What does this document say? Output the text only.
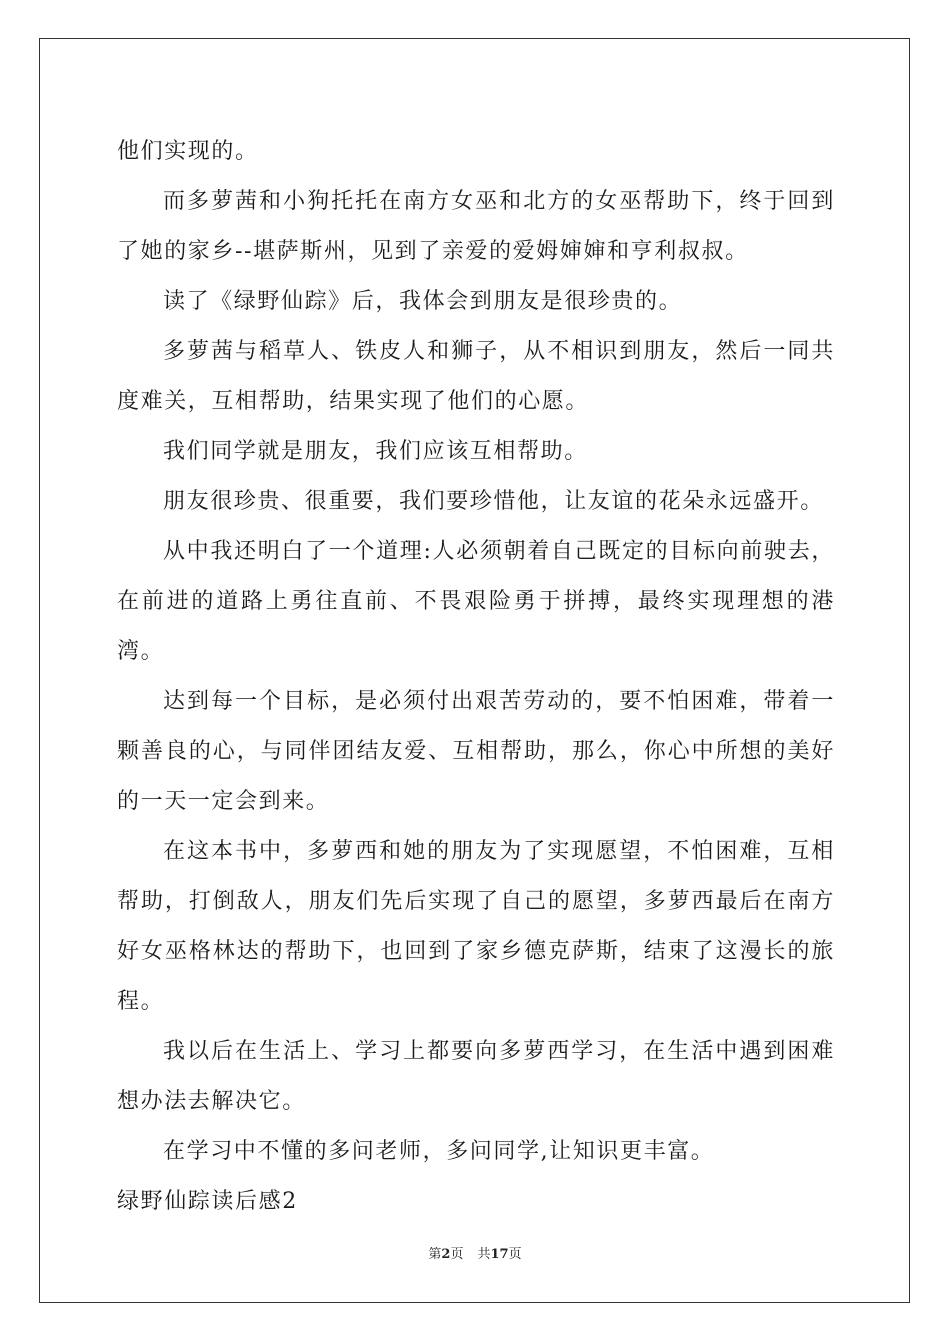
他们实现的。

而多萝茜和小狗托托在南方女巫和北方的女巫帮助下，终于回到了她的家乡--堪萨斯州，见到了亲爱的爱姆婶婶和亨利叔叔。

读了《绿野仙踪》后，我体会到朋友是很珍贵的。

多萝茜与稻草人、铁皮人和狮子，从不相识到朋友，然后一同共度难关，互相帮助，结果实现了他们的心愿。

我们同学就是朋友，我们应该互相帮助。

朋友很珍贵、很重要，我们要珍惜他，让友谊的花朵永远盛开。

从中我还明白了一个道理:人必须朝着自己既定的目标向前驶去，在前进的道路上勇往直前、不畏艰险勇于拼搏，最终实现理想的港湾。

达到每一个目标，是必须付出艰苦劳动的，要不怕困难，带着一颗善良的心，与同伴团结友爱、互相帮助，那么，你心中所想的美好的一天一定会到来。

在这本书中，多萝西和她的朋友为了实现愿望，不怕困难，互相帮助，打倒敌人，朋友们先后实现了自己的愿望，多萝西最后在南方好女巫格林达的帮助下，也回到了家乡德克萨斯，结束了这漫长的旅程。

我以后在生活上、学习上都要向多萝西学习，在生活中遇到困难想办法去解决它。

在学习中不懂的多问老师，多问同学,让知识更丰富。

绿野仙踪读后感2

第2页 共17页
